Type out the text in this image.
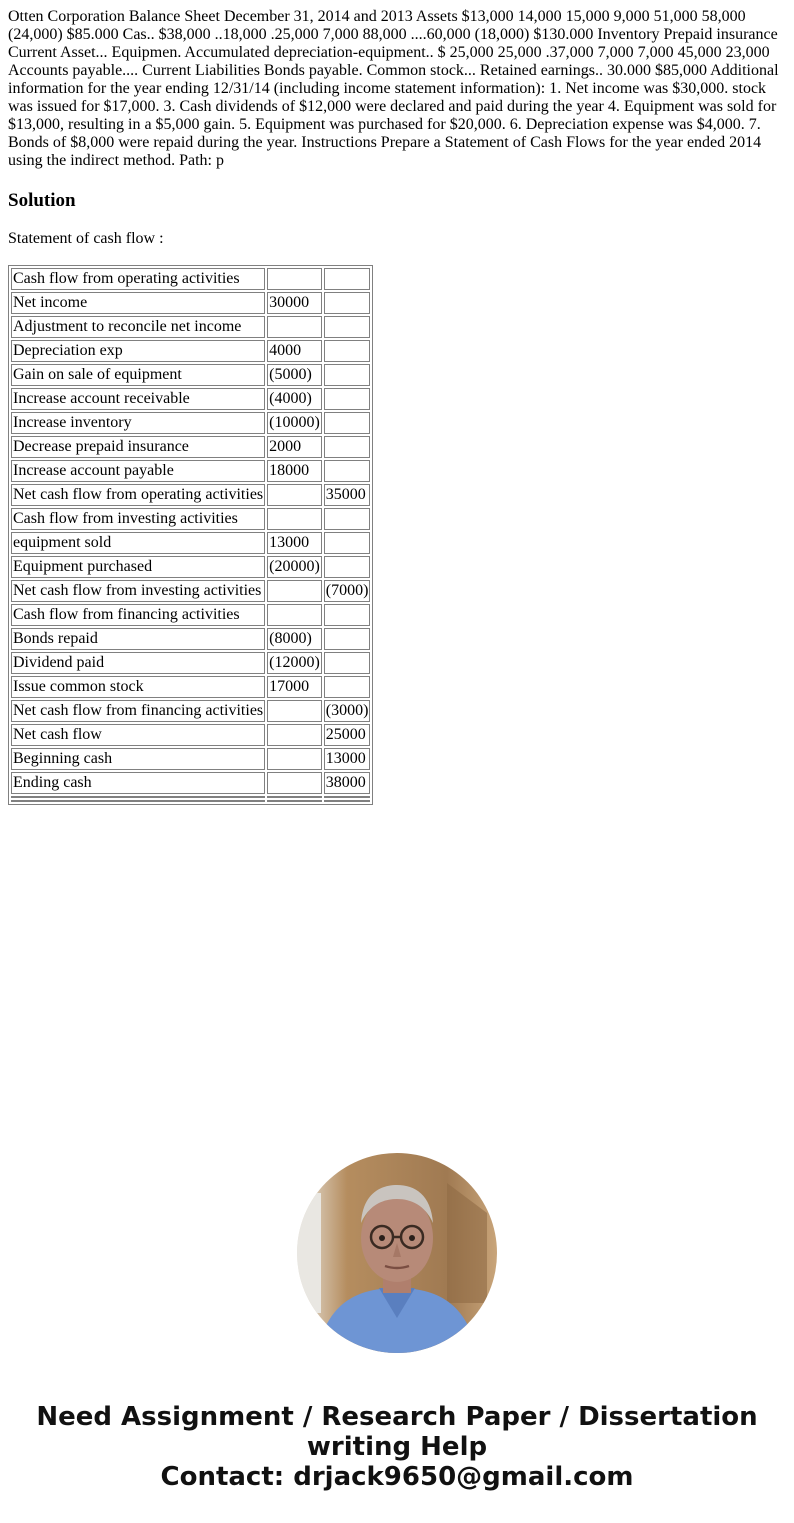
Otten Corporation Balance Sheet December 31, 2014 and 2013 Assets $13,000 14,000 15,000 9,000 51,000 58,000 (24,000) $85.000 Cas.. $38,000 ..18,000 .25,000 7,000 88,000 ....60,000 (18,000) $130.000 Inventory Prepaid insurance Current Asset... Equipmen. Accumulated depreciation-equipment.. $ 25,000 25,000 .37,000 7,000 7,000 45,000 23,000 Accounts payable.... Current Liabilities Bonds payable. Common stock... Retained earnings.. 30.000 $85,000 Additional information for the year ending 12/31/14 (including income statement information): 1. Net income was $30,000. stock was issued for $17,000. 3. Cash dividends of $12,000 were declared and paid during the year 4. Equipment was sold for $13,000, resulting in a $5,000 gain. 5. Equipment was purchased for $20,000. 6. Depreciation expense was $4,000. 7. Bonds of $8,000 were repaid during the year. Instructions Prepare a Statement of Cash Flows for the year ended 2014 using the indirect method. Path: p

Solution

Statement of cash flow :

Cash flow from operating activities		
Net income	30000	
Adjustment to reconcile net income		
Depreciation exp	4000	
Gain on sale of equipment	(5000)	
Increase account receivable	(4000)	
Increase inventory	(10000)	
Decrease prepaid insurance	2000	
Increase account payable	18000	
Net cash flow from operating activities		35000
Cash flow from investing activities		
equipment sold	13000	
Equipment purchased	(20000)	
Net cash flow from investing activities		(7000)
Cash flow from financing activities		
Bonds repaid	(8000)	
Dividend paid	(12000)	
Issue common stock	17000	
Net cash flow from financing activities		(3000)
Net cash flow		25000
Beginning cash		13000
Ending cash		38000

Need Assignment / Research Paper / Dissertation
writing Help
Contact: drjack9650@gmail.com
